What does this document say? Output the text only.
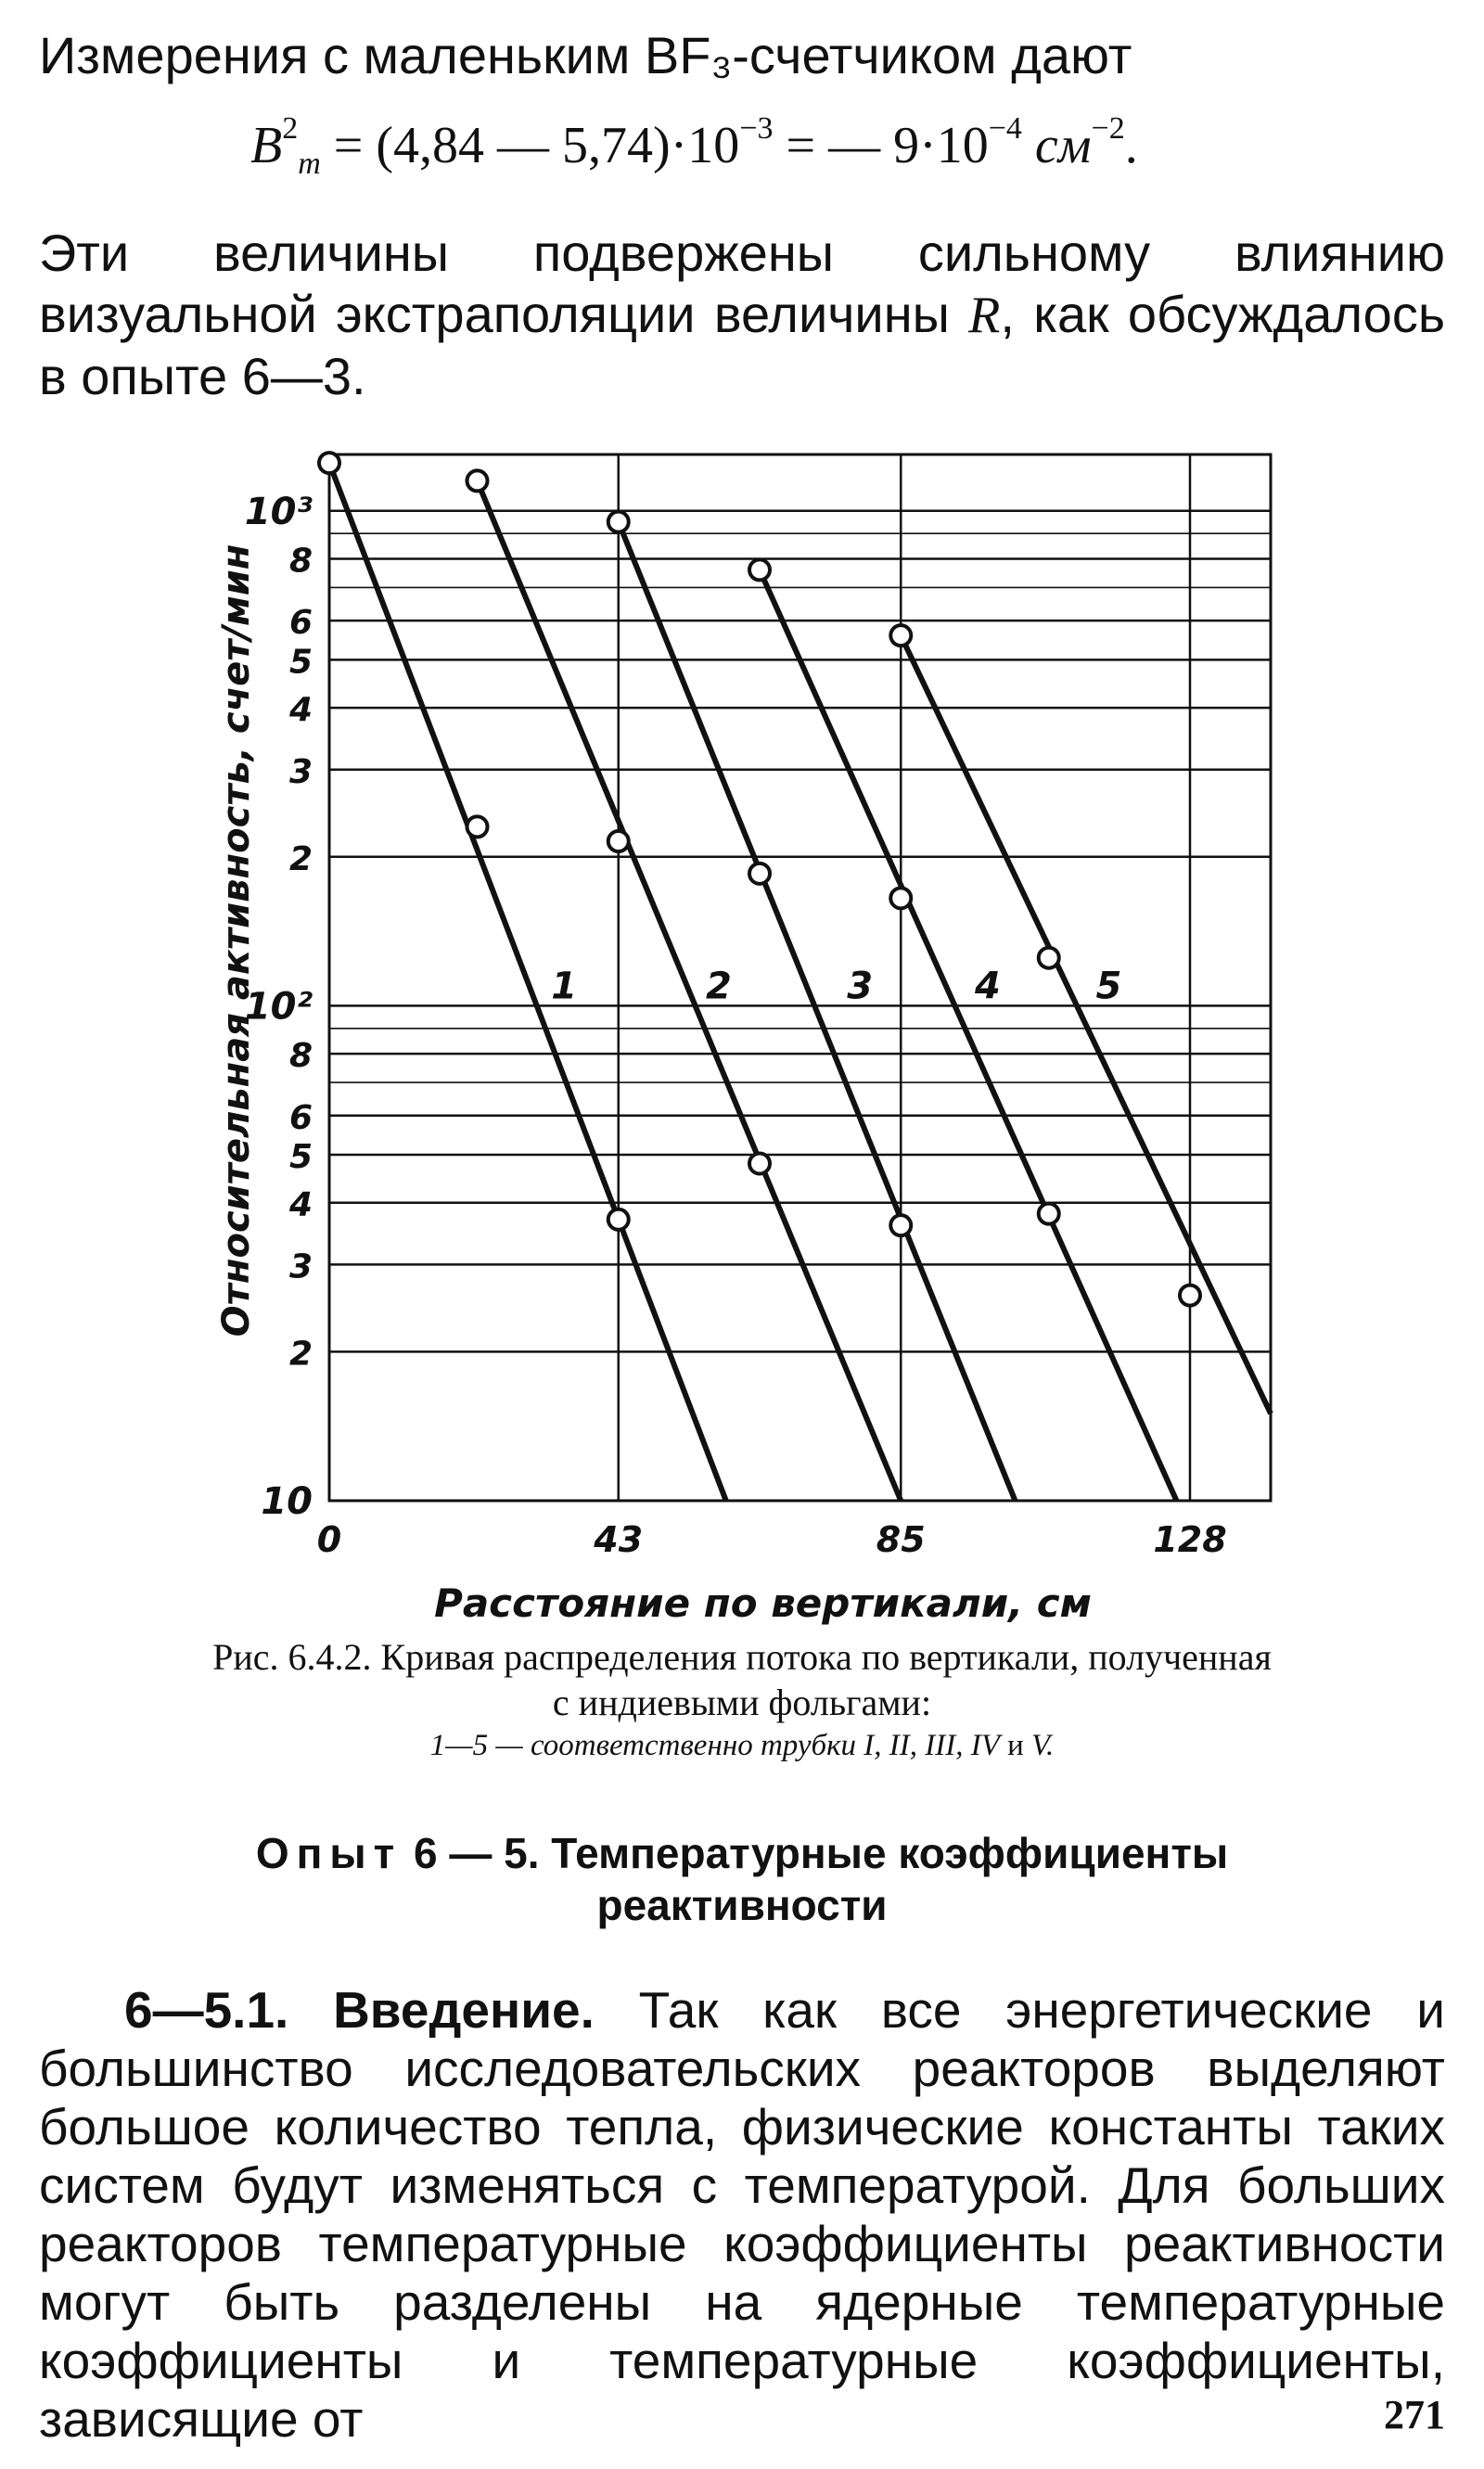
Измерения с маленьким BF₃-счетчиком дают
$B^2_m = (4,84$ — $5,74)\cdot 10^{-3}$ = — $9\cdot 10^{-4}$ $см^{-2}$.
Эти величины подвержены сильному влиянию визуальной экстраполяции величины R, как обсуждалось в опыте 6—3.
10³
8
6
5
4
3
2
10²
8
6
5
4
3
2
10
0	43	85	128
1	2	3	4	5
Расстояние по вертикали, см
Относительная активность, счет/мин
Рис. 6.4.2. Кривая распределения потока по вертикали, полученная с индиевыми фольгами:
1—5 — соответственно трубки I, II, III, IV и V.
Опыт 6 — 5. Температурные коэффициенты реактивности
6—5.1. Введение. Так как все энергетические и большинство исследовательских реакторов выделяют большое количество тепла, физические константы таких систем будут изменяться с температурой. Для больших реакторов температурные коэффициенты реактивности могут быть разделены на ядерные температурные коэффициенты и температурные коэффициенты, зависящие от	271
